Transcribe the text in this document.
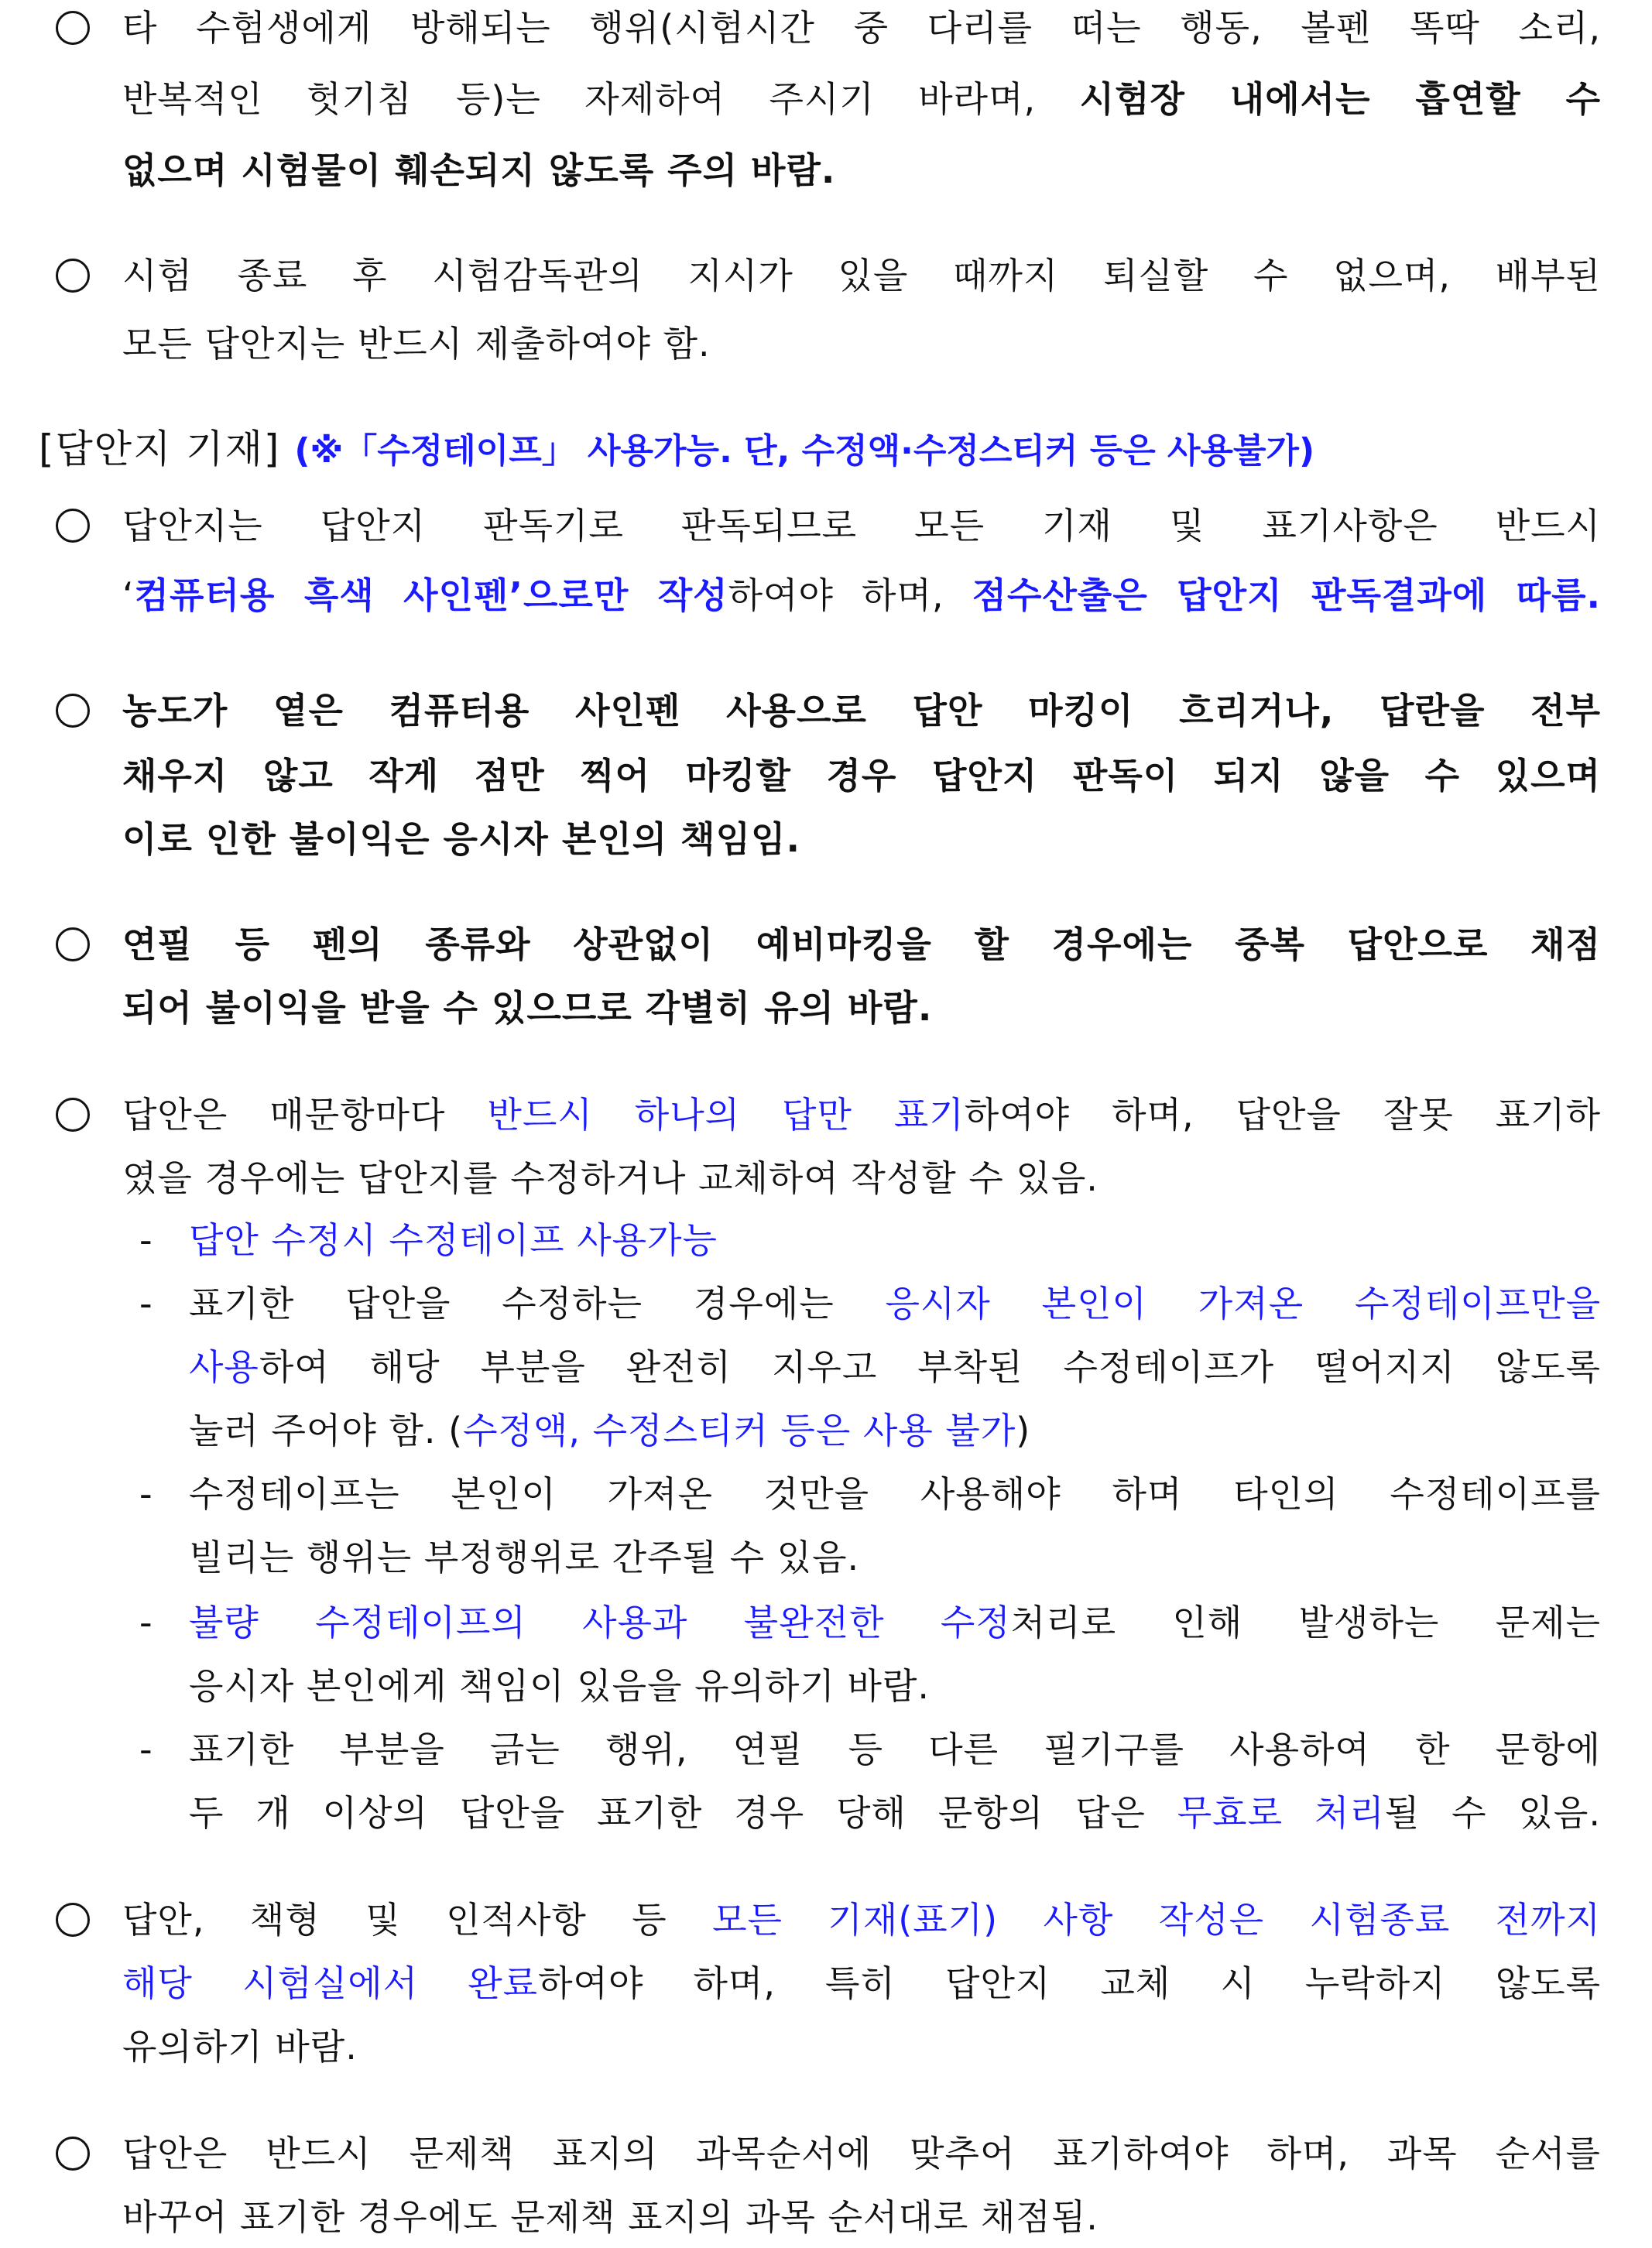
타 수험생에게 방해되는 행위(시험시간 중 다리를 떠는 행동, 볼펜 똑딱 소리,
반복적인 헛기침 등)는 자제하여 주시기 바라며, 시험장 내에서는 흡연할 수
없으며 시험물이 훼손되지 않도록 주의 바람.
시험 종료 후 시험감독관의 지시가 있을 때까지 퇴실할 수 없으며, 배부된
모든 답안지는 반드시 제출하여야 함.
[답안지 기재] (※「수정테이프」 사용가능. 단, 수정액·수정스티커 등은 사용불가)
답안지는 답안지 판독기로 판독되므로 모든 기재 및 표기사항은 반드시
‘컴퓨터용 흑색 사인펜’으로만 작성하여야 하며, 점수산출은 답안지 판독결과에 따름.
농도가 옅은 컴퓨터용 사인펜 사용으로 답안 마킹이 흐리거나, 답란을 전부
채우지 않고 작게 점만 찍어 마킹할 경우 답안지 판독이 되지 않을 수 있으며
이로 인한 불이익은 응시자 본인의 책임임.
연필 등 펜의 종류와 상관없이 예비마킹을 할 경우에는 중복 답안으로 채점
되어 불이익을 받을 수 있으므로 각별히 유의 바람.
답안은 매문항마다 반드시 하나의 답만 표기하여야 하며, 답안을 잘못 표기하
였을 경우에는 답안지를 수정하거나 교체하여 작성할 수 있음.
- 답안 수정시 수정테이프 사용가능
- 표기한 답안을 수정하는 경우에는 응시자 본인이 가져온 수정테이프만을
사용하여 해당 부분을 완전히 지우고 부착된 수정테이프가 떨어지지 않도록
눌러 주어야 함. (수정액, 수정스티커 등은 사용 불가)
- 수정테이프는 본인이 가져온 것만을 사용해야 하며 타인의 수정테이프를
빌리는 행위는 부정행위로 간주될 수 있음.
- 불량 수정테이프의 사용과 불완전한 수정처리로 인해 발생하는 문제는
응시자 본인에게 책임이 있음을 유의하기 바람.
- 표기한 부분을 긁는 행위, 연필 등 다른 필기구를 사용하여 한 문항에
두 개 이상의 답안을 표기한 경우 당해 문항의 답은 무효로 처리될 수 있음.
답안, 책형 및 인적사항 등 모든 기재(표기) 사항 작성은 시험종료 전까지
해당 시험실에서 완료하여야 하며, 특히 답안지 교체 시 누락하지 않도록
유의하기 바람.
답안은 반드시 문제책 표지의 과목순서에 맞추어 표기하여야 하며, 과목 순서를
바꾸어 표기한 경우에도 문제책 표지의 과목 순서대로 채점됨.
